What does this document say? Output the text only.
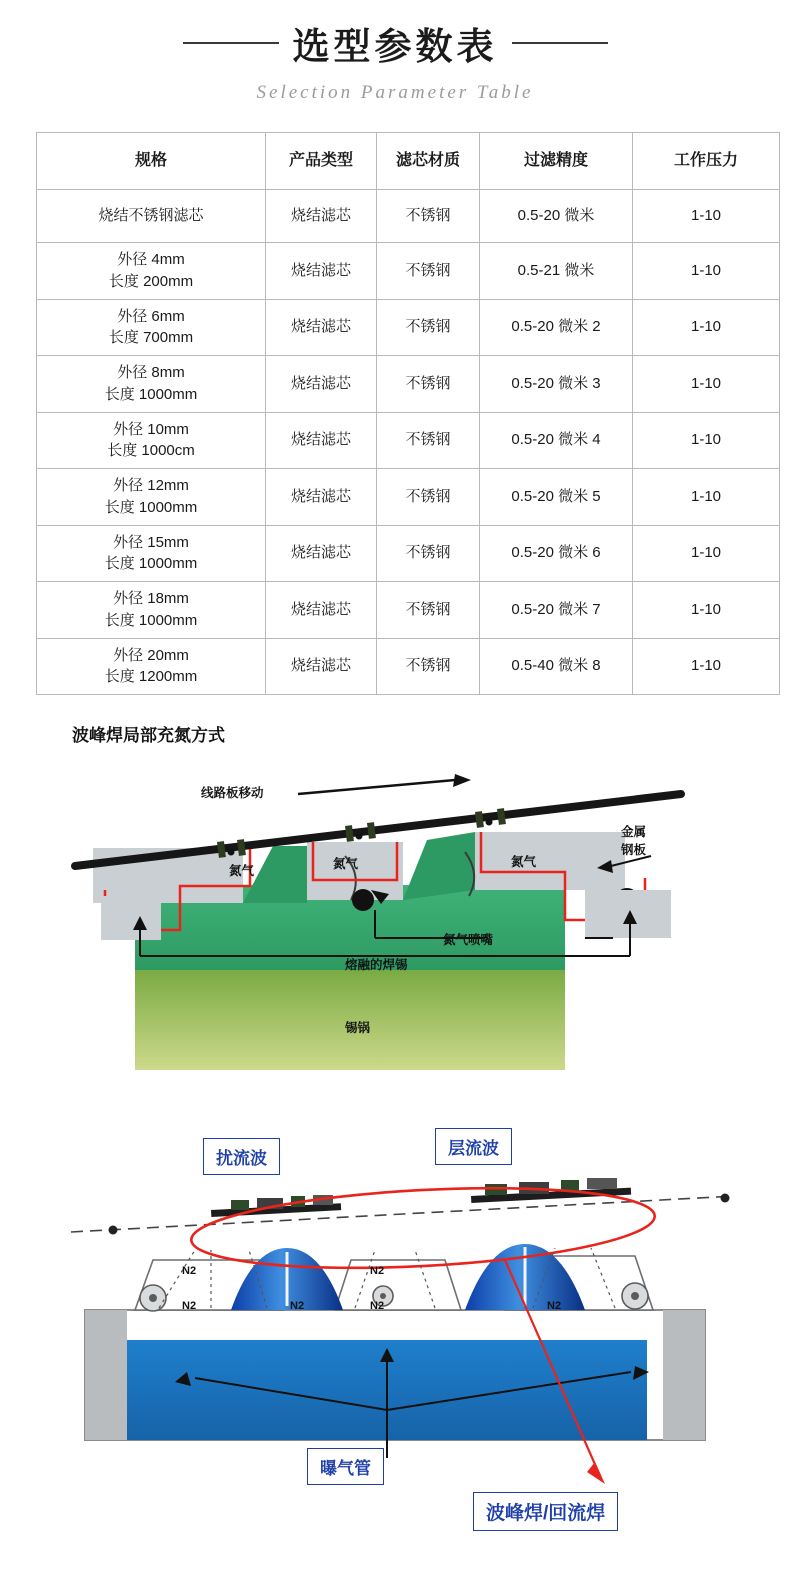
选型参数表
Selection Parameter Table
规格	产品类型	滤芯材质	过滤精度	工作压力
烧结不锈钢滤芯	烧结滤芯	不锈钢	0.5-20 微米	1-10

外径 4mm
长度 200mm	烧结滤芯	不锈钢	0.5-21 微米	1-10

外径 6mm
长度 700mm	烧结滤芯	不锈钢	0.5-20 微米 2	1-10

外径 8mm
长度 1000mm	烧结滤芯	不锈钢	0.5-20 微米 3	1-10

外径 10mm
长度 1000cm	烧结滤芯	不锈钢	0.5-20 微米 4	1-10

外径 12mm
长度 1000mm	烧结滤芯	不锈钢	0.5-20 微米 5	1-10

外径 15mm
长度 1000mm	烧结滤芯	不锈钢	0.5-20 微米 6	1-10

外径 18mm
长度 1000mm	烧结滤芯	不锈钢	0.5-20 微米 7	1-10

外径 20mm
长度 1200mm	烧结滤芯	不锈钢	0.5-40 微米 8	1-10
波峰焊局部充氮方式
线路板移动
金属
钢板
氮气	氮气	氮气
氮气喷嘴
熔融的焊锡
锡锅
扰流波
层流波
曝气管
波峰焊/回流焊
N2
N2	N2
N2
N2	N2
